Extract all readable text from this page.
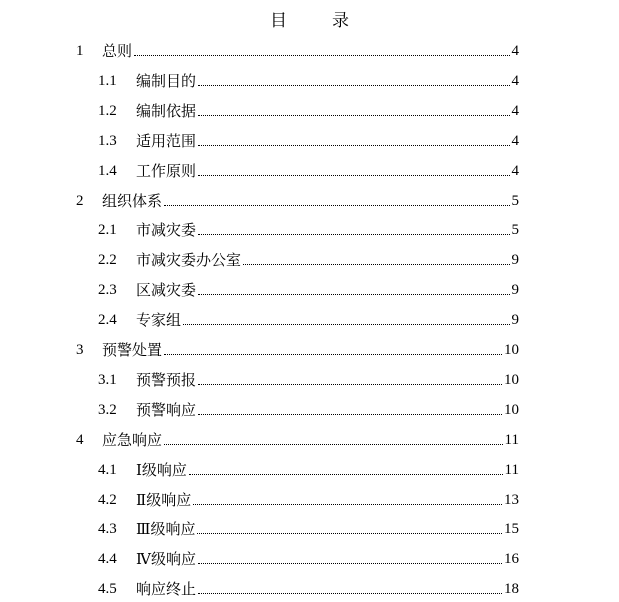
目　录
1	总则	4
1.1	编制目的	4
1.2	编制依据	4
1.3	适用范围	4
1.4	工作原则	4
2	组织体系	5
2.1	市减灾委	5
2.2	市减灾委办公室	9
2.3	区减灾委	9
2.4	专家组	9
3	预警处置	10
3.1	预警预报	10
3.2	预警响应	10
4	应急响应	11
4.1	Ⅰ级响应	11
4.2	Ⅱ级响应	13
4.3	Ⅲ级响应	15
4.4	Ⅳ级响应	16
4.5	响应终止	18
